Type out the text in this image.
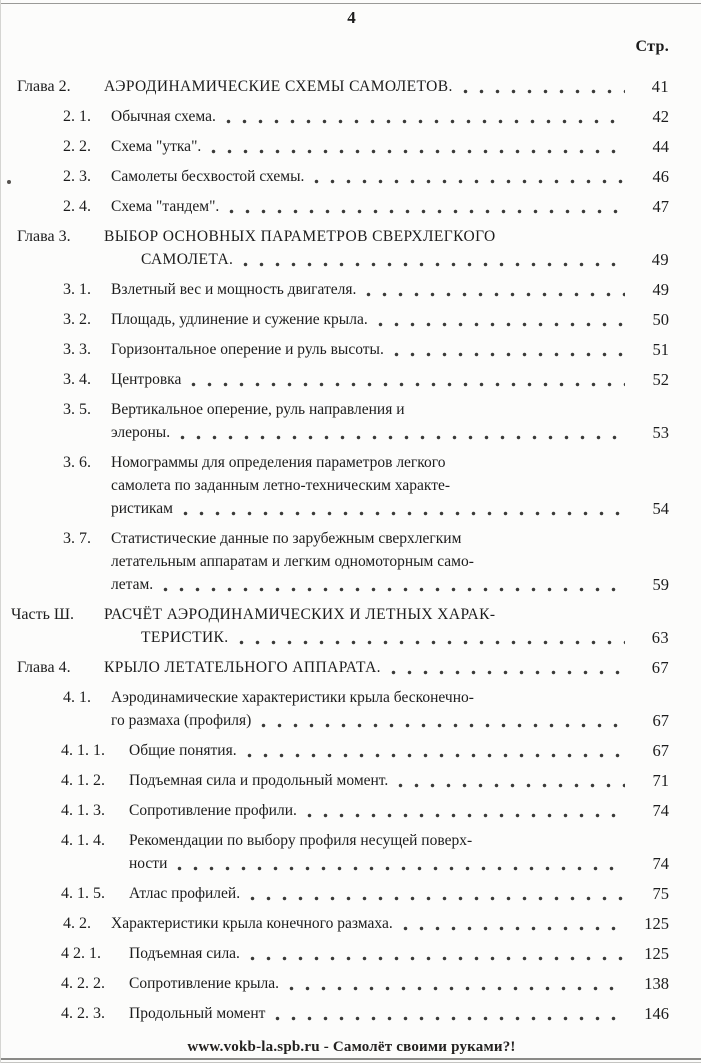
4
Стр.
Глава 2. АЭРОДИНАМИЧЕСКИЕ СХЕМЫ САМОЛЕТОВ.	41
2. 1. Обычная схема.	42
2. 2. Схема "утка".	44
2. 3. Самолеты бесхвостой схемы.	46
2. 4. Схема "тандем".	47
Глава 3. ВЫБОР ОСНОВНЫХ ПАРАМЕТРОВ СВЕРХЛЕГКОГО
САМОЛЕТА.	49
3. 1. Взлетный вес и мощность двигателя.	49
3. 2. Площадь, удлинение и сужение крыла.	50
3. 3. Горизонтальное оперение и руль высоты.	51
3. 4. Центровка	52
3. 5. Вертикальное оперение, руль направления и
элероны.	53
3. 6. Номограммы для определения параметров легкого
самолета по заданным летно-техническим характе-
ристикам	54
3. 7. Статистические данные по зарубежным сверхлегким
летательным аппаратам и легким одномоторным само-
летам.	59
Часть Ш. РАСЧЁТ АЭРОДИНАМИЧЕСКИХ И ЛЕТНЫХ ХАРАК-
ТЕРИСТИК.	63
Глава 4. КРЫЛО ЛЕТАТЕЛЬНОГО АППАРАТА.	67
4. 1. Аэродинамические характеристики крыла бесконечно-
го размаха (профиля)	67
4. 1. 1. Общие понятия.	67
4. 1. 2. Подъемная сила и продольный момент.	71
4. 1. 3. Сопротивление профили.	74
4. 1. 4. Рекомендации по выбору профиля несущей поверх-
ности	74
4. 1. 5. Атлас профилей.	75
4. 2. Характеристики крыла конечного размаха.	125
4 2. 1. Подъемная сила.	125
4. 2. 2. Сопротивление крыла.	138
4. 2. 3. Продольный момент	146
www.vokb-la.spb.ru - Самолёт своими руками?!
